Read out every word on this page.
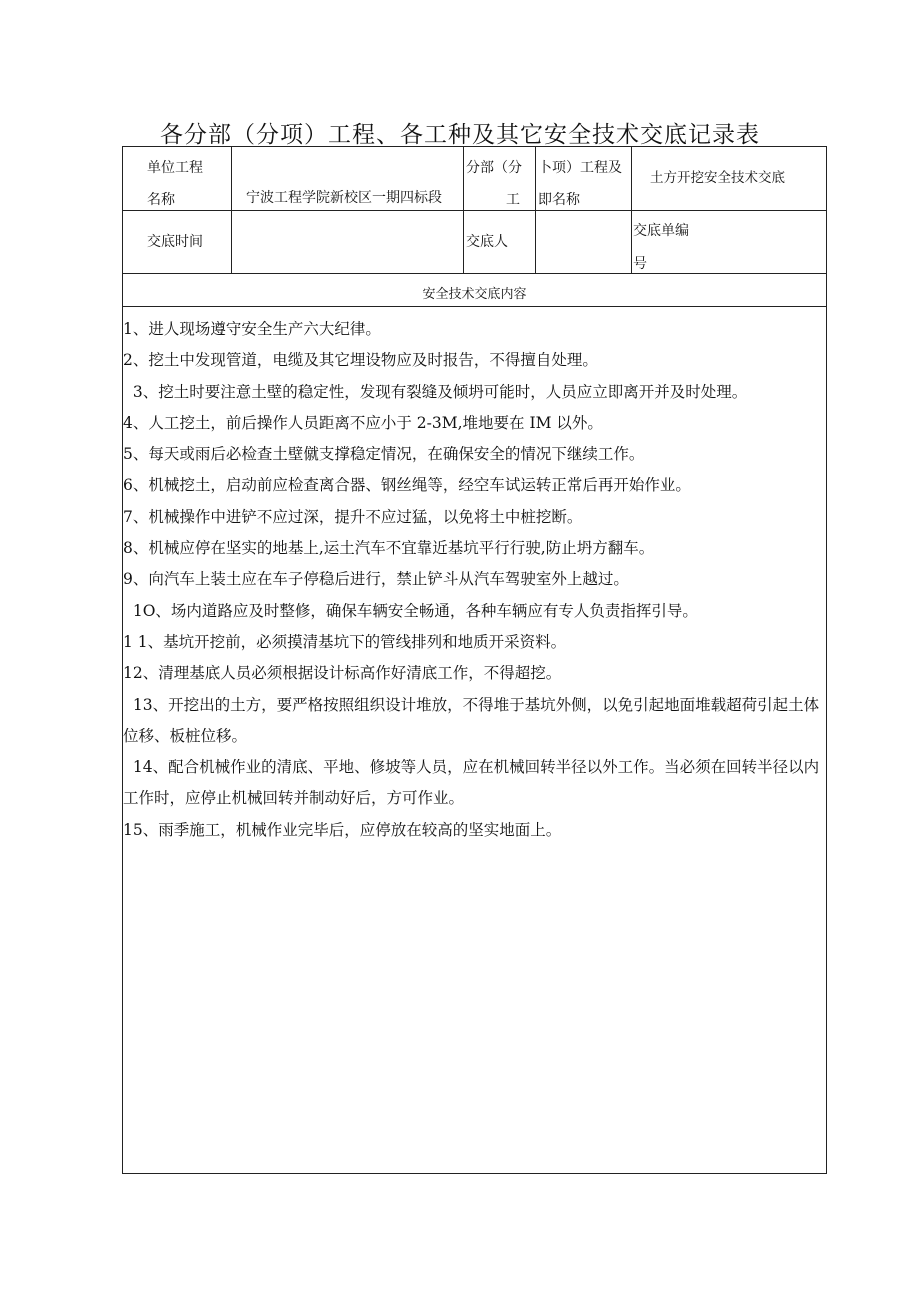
各分部（分项）工程、各工种及其它安全技术交底记录表
单位工程
名称	宁波工程学院新校区一期四标段
分部（分
工
卜项）工程及
即名称
土方开挖安全技术交底
交底时间	交底人
交底单编
号
安全技术交底内容
1、进人现场遵守安全生产六大纪律。
2、挖土中发现管道，电缆及其它埋设物应及时报告，不得擅自处理。
3、挖土时要注意土壁的稳定性，发现有裂缝及倾坍可能时，人员应立即离开并及时处理。
4、人工挖土，前后操作人员距离不应小于 2-3M,堆地要在 IM 以外。
5、每天或雨后必检查土壁僦支撑稳定情况，在确保安全的情况下继续工作。
6、机械挖土，启动前应检查离合器、钢丝绳等，经空车试运转正常后再开始作业。
7、机械操作中进铲不应过深，提升不应过猛，以免将土中桩挖断。
8、机械应停在坚实的地基上,运土汽车不宜靠近基坑平行行驶,防止坍方翻车。
9、向汽车上装土应在车子停稳后进行，禁止铲斗从汽车驾驶室外上越过。
1O、场内道路应及时整修，确保车辆安全畅通，各种车辆应有专人负责指挥引导。
1 1、基坑开挖前，必须摸清基坑下的管线排列和地质开采资料。
12、清理基底人员必须根据设计标高作好清底工作，不得超挖。
13、开挖出的土方，要严格按照组织设计堆放，不得堆于基坑外侧，以免引起地面堆载超荷引起土体位移、板桩位移。
14、配合机械作业的清底、平地、修坡等人员，应在机械回转半径以外工作。当必须在回转半径以内工作时，应停止机械回转并制动好后，方可作业。
15、雨季施工，机械作业完毕后，应停放在较高的坚实地面上。
